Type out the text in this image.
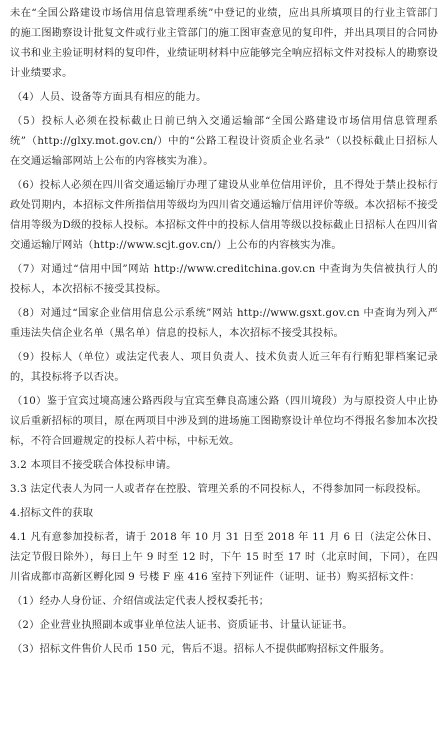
未在“全国公路建设市场信用信息管理系统”中登记的业绩，应出具所填项目的行业主管部门的施工图勘察设计批复文件或行业主管部门的施工图审查意见的复印件，并出具项目的合同协议书和业主验证明材料的复印件，业绩证明材料中应能够完全响应招标文件对投标人的勘察设计业绩要求。

（4）人员、设备等方面具有相应的能力。

（5）投标人必须在投标截止日前已纳入交通运输部“全国公路建设市场信用信息管理系统”（http://glxy.mot.gov.cn/）中的“公路工程设计资质企业名录”（以投标截止日招标人在交通运输部网站上公布的内容核实为准）。

（6）投标人必须在四川省交通运输厅办理了建设从业单位信用评价，且不得处于禁止投标行政处罚期内，本招标文件所指信用等级均为四川省交通运输厅信用评价等级。本次招标不接受信用等级为D级的投标人投标。本招标文件中的投标人信用等级以投标截止日招标人在四川省交通运输厅网站（http://www.scjt.gov.cn/）上公布的内容核实为准。

（7）对通过“信用中国”网站 http://www.creditchina.gov.cn 中查询为失信被执行人的投标人，本次招标不接受其投标。

（8）对通过“国家企业信用信息公示系统”网站 http://www.gsxt.gov.cn 中查询为列入严重违法失信企业名单（黑名单）信息的投标人，本次招标不接受其投标。

（9）投标人（单位）或法定代表人、项目负责人、技术负责人近三年有行贿犯罪档案记录的，其投标将予以否决。

（10）鉴于宜宾过境高速公路西段与宜宾至彝良高速公路（四川境段）为与原投资人中止协议后重新招标的项目，原在两项目中涉及到的进场施工图勘察设计单位均不得报名参加本次投标，不符合回避规定的投标人若中标，中标无效。

3.2 本项目不接受联合体投标申请。

3.3 法定代表人为同一人或者存在控股、管理关系的不同投标人，不得参加同一标段投标。

4.招标文件的获取

4.1 凡有意参加投标者，请于 2018 年 10 月 31 日至 2018 年 11 月 6 日（法定公休日、法定节假日除外），每日上午 9 时至 12 时，下午 15 时至 17 时（北京时间，下同），在四川省成都市高新区孵化园 9 号楼 F 座 416 室持下列证件（证明、证书）购买招标文件：

（1）经办人身份证、介绍信或法定代表人授权委托书；

（2）企业营业执照副本或事业单位法人证书、资质证书、计量认证证书。

（3）招标文件售价人民币 150 元，售后不退。招标人不提供邮购招标文件服务。
